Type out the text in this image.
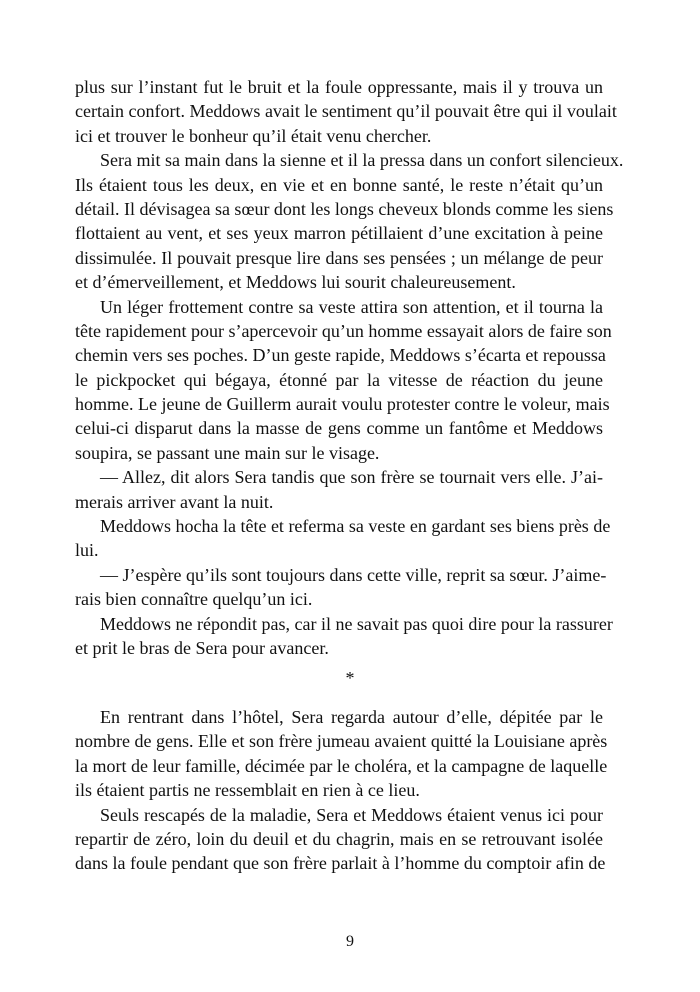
plus sur l’instant fut le bruit et la foule oppressante, mais il y trouva un
certain confort. Meddows avait le sentiment qu’il pouvait être qui il voulait
ici et trouver le bonheur qu’il était venu chercher.
Sera mit sa main dans la sienne et il la pressa dans un confort silencieux.
Ils étaient tous les deux, en vie et en bonne santé, le reste n’était qu’un
détail. Il dévisagea sa sœur dont les longs cheveux blonds comme les siens
flottaient au vent, et ses yeux marron pétillaient d’une excitation à peine
dissimulée. Il pouvait presque lire dans ses pensées ; un mélange de peur
et d’émerveillement, et Meddows lui sourit chaleureusement.
Un léger frottement contre sa veste attira son attention, et il tourna la
tête rapidement pour s’apercevoir qu’un homme essayait alors de faire son
chemin vers ses poches. D’un geste rapide, Meddows s’écarta et repoussa
le pickpocket qui bégaya, étonné par la vitesse de réaction du jeune
homme. Le jeune de Guillerm aurait voulu protester contre le voleur, mais
celui-ci disparut dans la masse de gens comme un fantôme et Meddows
soupira, se passant une main sur le visage.
— Allez, dit alors Sera tandis que son frère se tournait vers elle. J’ai-
merais arriver avant la nuit.
Meddows hocha la tête et referma sa veste en gardant ses biens près de
lui.
— J’espère qu’ils sont toujours dans cette ville, reprit sa sœur. J’aime-
rais bien connaître quelqu’un ici.
Meddows ne répondit pas, car il ne savait pas quoi dire pour la rassurer
et prit le bras de Sera pour avancer.
*
En rentrant dans l’hôtel, Sera regarda autour d’elle, dépitée par le
nombre de gens. Elle et son frère jumeau avaient quitté la Louisiane après
la mort de leur famille, décimée par le choléra, et la campagne de laquelle
ils étaient partis ne ressemblait en rien à ce lieu.
Seuls rescapés de la maladie, Sera et Meddows étaient venus ici pour
repartir de zéro, loin du deuil et du chagrin, mais en se retrouvant isolée
dans la foule pendant que son frère parlait à l’homme du comptoir afin de
9
